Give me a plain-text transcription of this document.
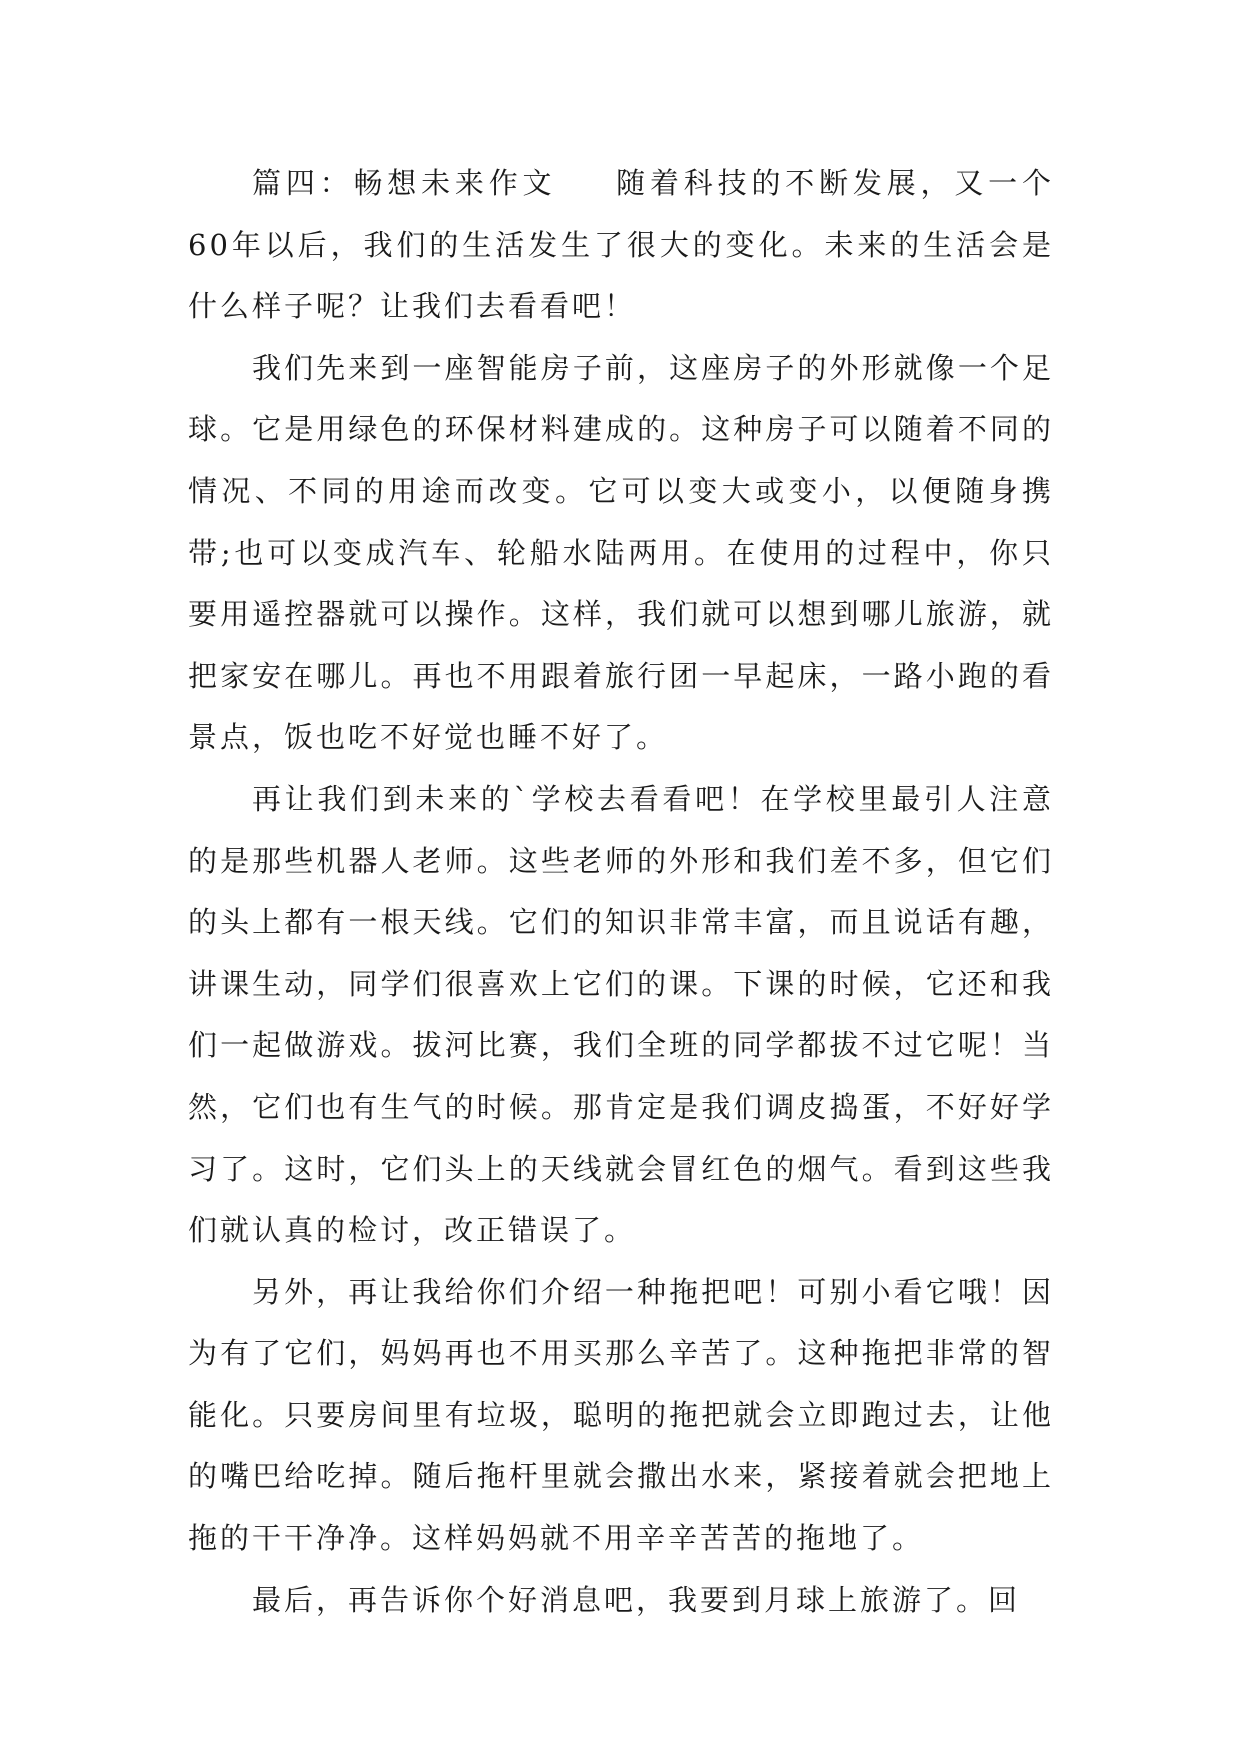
篇四：畅想未来作文 随着科技的不断发展，又一个60年以后，我们的生活发生了很大的变化。未来的生活会是什么样子呢？让我们去看看吧！

我们先来到一座智能房子前，这座房子的外形就像一个足球。它是用绿色的环保材料建成的。这种房子可以随着不同的情况、不同的用途而改变。它可以变大或变小，以便随身携带;也可以变成汽车、轮船水陆两用。在使用的过程中，你只要用遥控器就可以操作。这样，我们就可以想到哪儿旅游，就把家安在哪儿。再也不用跟着旅行团一早起床，一路小跑的看景点，饭也吃不好觉也睡不好了。

再让我们到未来的`学校去看看吧！在学校里最引人注意的是那些机器人老师。这些老师的外形和我们差不多，但它们的头上都有一根天线。它们的知识非常丰富，而且说话有趣，讲课生动，同学们很喜欢上它们的课。下课的时候，它还和我们一起做游戏。拔河比赛，我们全班的同学都拔不过它呢！当然，它们也有生气的时候。那肯定是我们调皮捣蛋，不好好学习了。这时，它们头上的天线就会冒红色的烟气。看到这些我们就认真的检讨，改正错误了。

另外，再让我给你们介绍一种拖把吧！可别小看它哦！因为有了它们，妈妈再也不用买那么辛苦了。这种拖把非常的智能化。只要房间里有垃圾，聪明的拖把就会立即跑过去，让他的嘴巴给吃掉。随后拖杆里就会撒出水来，紧接着就会把地上拖的干干净净。这样妈妈就不用辛辛苦苦的拖地了。

最后，再告诉你个好消息吧，我要到月球上旅游了。回
